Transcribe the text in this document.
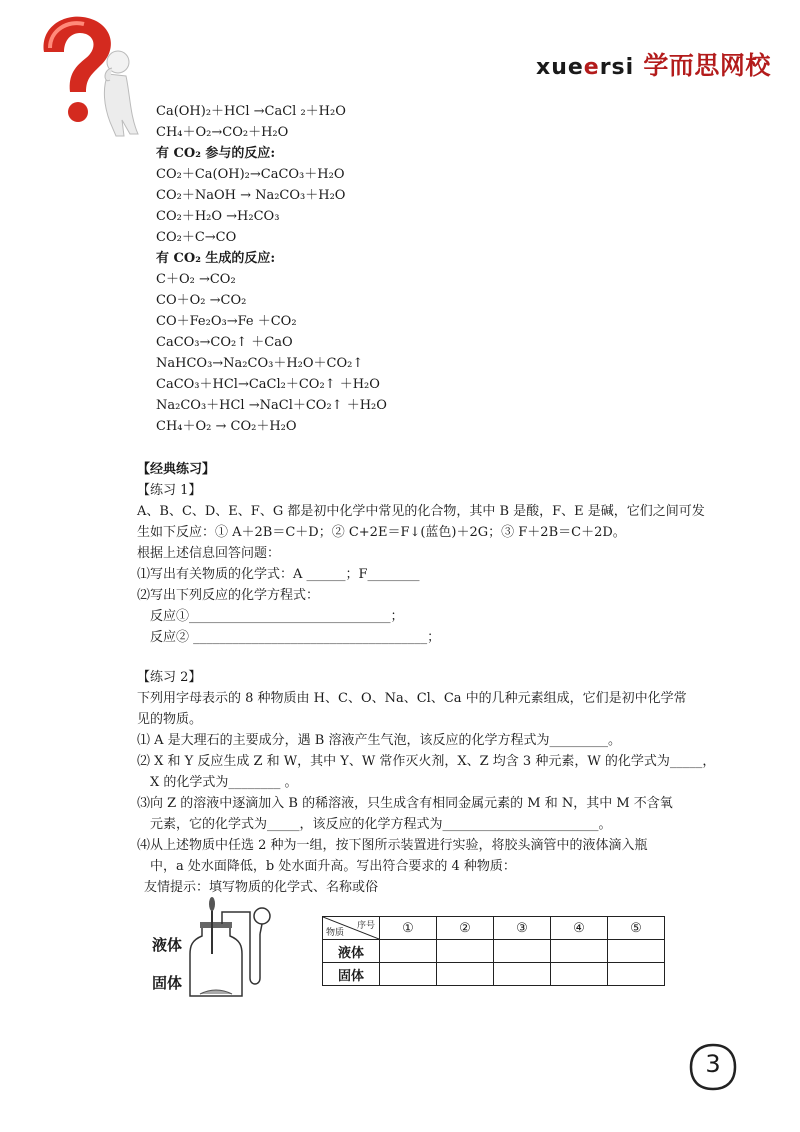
xueersi 学而思网校
Ca(OH)₂＋HCl →CaCl ₂＋H₂O
CH₄＋O₂→CO₂＋H₂O
有 CO₂ 参与的反应:
CO₂＋Ca(OH)₂→CaCO₃＋H₂O
CO₂＋NaOH → Na₂CO₃＋H₂O
CO₂＋H₂O →H₂CO₃
CO₂＋C→CO
有 CO₂ 生成的反应:
C＋O₂ →CO₂
CO＋O₂ →CO₂
CO＋Fe₂O₃→Fe ＋CO₂
CaCO₃→CO₂↑ ＋CaO
NaHCO₃→Na₂CO₃＋H₂O＋CO₂↑
CaCO₃＋HCl→CaCl₂＋CO₂↑ ＋H₂O
Na₂CO₃＋HCl →NaCl＋CO₂↑ ＋H₂O
CH₄＋O₂ → CO₂＋H₂O
【经典练习】
【练习 1】
A、B、C、D、E、F、G 都是初中化学中常见的化合物，其中 B 是酸，F、E 是碱，它们之间可发
生如下反应：① A＋2B＝C＋D；② C+2E＝F↓(蓝色)＋2G；③ F＋2B＝C＋2D。
根据上述信息回答问题：
⑴写出有关物质的化学式：A ______；F________
⑵写出下列反应的化学方程式：
反应①_______________________________；
反应② ____________________________________；
【练习 2】
下列用字母表示的 8 种物质由 H、C、O、Na、Cl、Ca 中的几种元素组成，它们是初中化学常
见的物质。
⑴ A 是大理石的主要成分，遇 B 溶液产生气泡，该反应的化学方程式为_________。
⑵ X 和 Y 反应生成 Z 和 W，其中 Y、W 常作灭火剂，X、Z 均含 3 种元素，W 的化学式为_____，
X 的化学式为________ 。
⑶向 Z 的溶液中逐滴加入 B 的稀溶液，只生成含有相同金属元素的 M 和 N，其中 M 不含氧
元素，它的化学式为_____，该反应的化学方程式为________________________。
⑷从上述物质中任选 2 种为一组，按下图所示装置进行实验，将胶头滴管中的液体滴入瓶
中，a 处水面降低，b 处水面升高。写出符合要求的 4 种物质：
友情提示：填写物质的化学式、名称或俗
液体
固体
序号
物质	①	②	③	④	⑤
液体					
固体					
3
